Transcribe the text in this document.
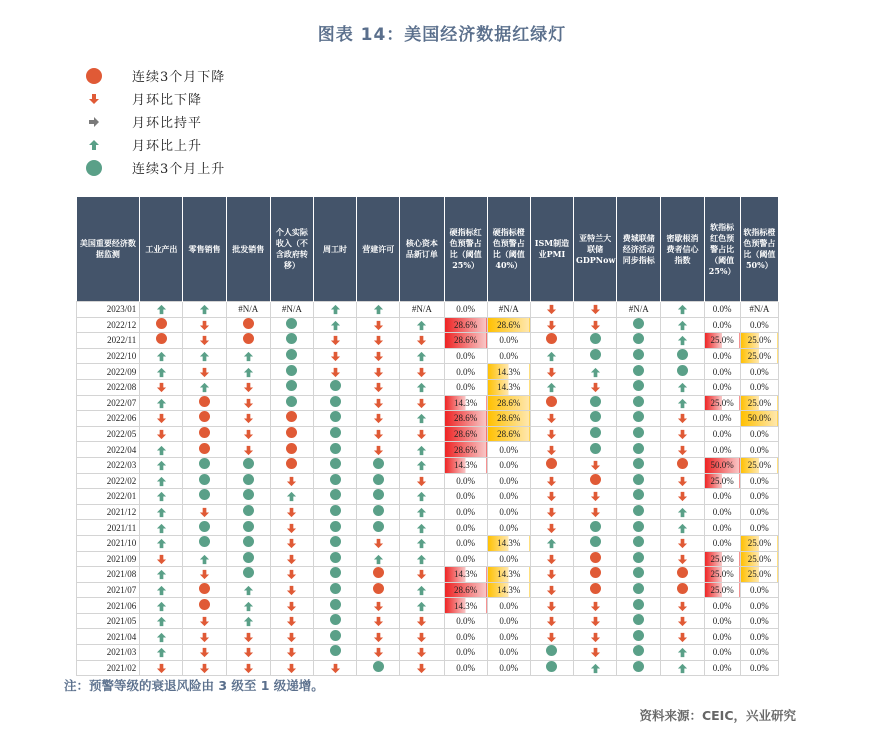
图表 14：美国经济数据红绿灯
连续3个月下降
月环比下降
月环比持平
月环比上升
连续3个月上升
美国重要经济数据监测	工业产出	零售销售	批发销售	个人实际收入（不含政府转移）	周工时	营建许可	核心资本品新订单	硬指标红色预警占比（阈值25%）	硬指标橙色预警占比（阈值40%）	ISM制造业PMI	亚特兰大联储GDPNow	费城联储经济活动同步指标	密歇根消费者信心指数	软指标红色预警占比（阈值25%）	软指标橙色预警占比（阈值50%）
2023/01			#N/A	#N/A			#N/A	0.0%	#N/A			#N/A		0.0%	#N/A
2022/12								28.6%	28.6%					0.0%	0.0%
2022/11								28.6%	0.0%					25.0%	25.0%
2022/10								0.0%	0.0%					0.0%	25.0%
2022/09								0.0%	14.3%					0.0%	0.0%
2022/08								0.0%	14.3%					0.0%	0.0%
2022/07								14.3%	28.6%					25.0%	25.0%
2022/06								28.6%	28.6%					0.0%	50.0%
2022/05								28.6%	28.6%					0.0%	0.0%
2022/04								28.6%	0.0%					0.0%	0.0%
2022/03								14.3%	0.0%					50.0%	25.0%
2022/02								0.0%	0.0%					25.0%	0.0%
2022/01								0.0%	0.0%					0.0%	0.0%
2021/12								0.0%	0.0%					0.0%	0.0%
2021/11								0.0%	0.0%					0.0%	0.0%
2021/10								0.0%	14.3%					0.0%	25.0%
2021/09								0.0%	0.0%					25.0%	25.0%
2021/08								14.3%	14.3%					25.0%	25.0%
2021/07								28.6%	14.3%					25.0%	0.0%
2021/06								14.3%	0.0%					0.0%	0.0%
2021/05								0.0%	0.0%					0.0%	0.0%
2021/04								0.0%	0.0%					0.0%	0.0%
2021/03								0.0%	0.0%					0.0%	0.0%
2021/02								0.0%	0.0%					0.0%	0.0%
注：预警等级的衰退风险由 3 级至 1 级递增。
资料来源：CEIC，兴业研究
